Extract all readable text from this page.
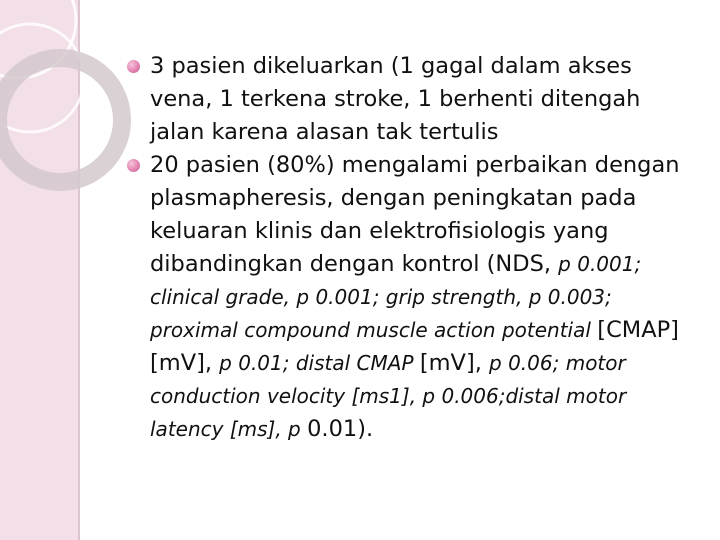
3 pasien dikeluarkan (1 gagal dalam akses vena, 1 terkena stroke, 1 berhenti ditengah jalan karena alasan tak tertulis

20 pasien (80%) mengalami perbaikan dengan plasmapheresis, dengan peningkatan pada keluaran klinis dan elektrofisiologis yang dibandingkan dengan kontrol (NDS, p 0.001; clinical grade, p 0.001; grip strength, p 0.003; proximal compound muscle action potential [CMAP] [mV], p 0.01; distal CMAP [mV], p 0.06; motor conduction velocity [ms1], p 0.006;distal motor latency [ms], p 0.01).
